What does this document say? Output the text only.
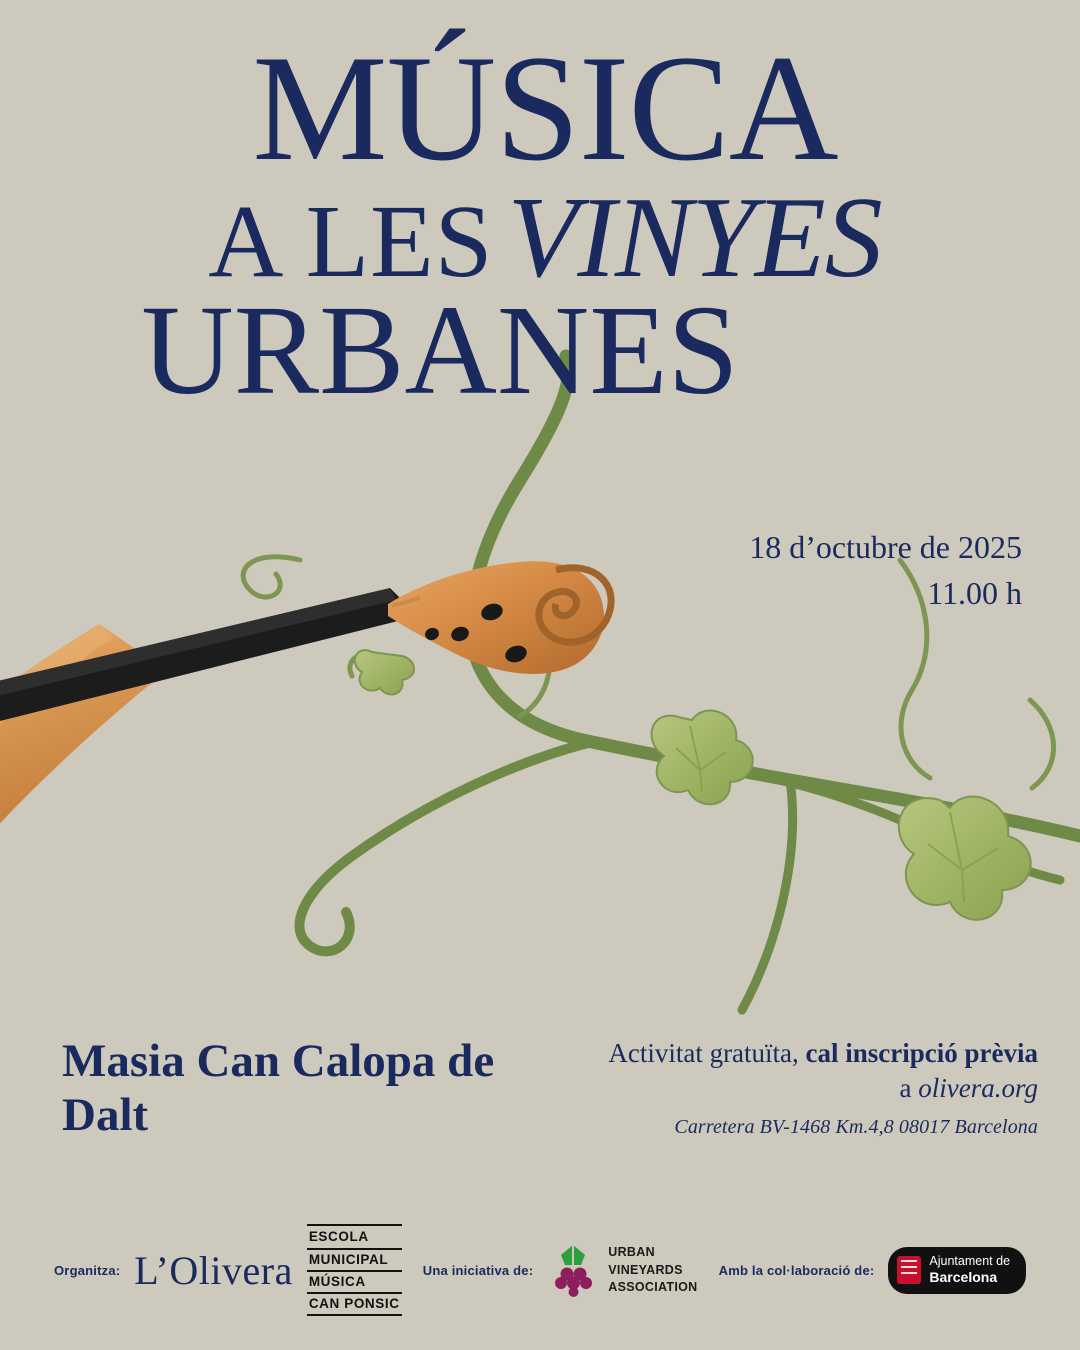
MÚSICA
A LES VINYES
URBANES
18 d’octubre de 2025
11.00 h
Masia Can Calopa de Dalt
Activitat gratuïta, cal inscripció prèvia a olivera.org
Carretera BV-1468 Km.4,8 08017 Barcelona
Organitza: L’Olivera
ESCOLA
MUNICIPAL
MÚSICA
CAN PONSIC
Una iniciativa de:
URBAN
VINEYARDS
ASSOCIATION
Amb la col·laboració de:
Ajuntament de
Barcelona
